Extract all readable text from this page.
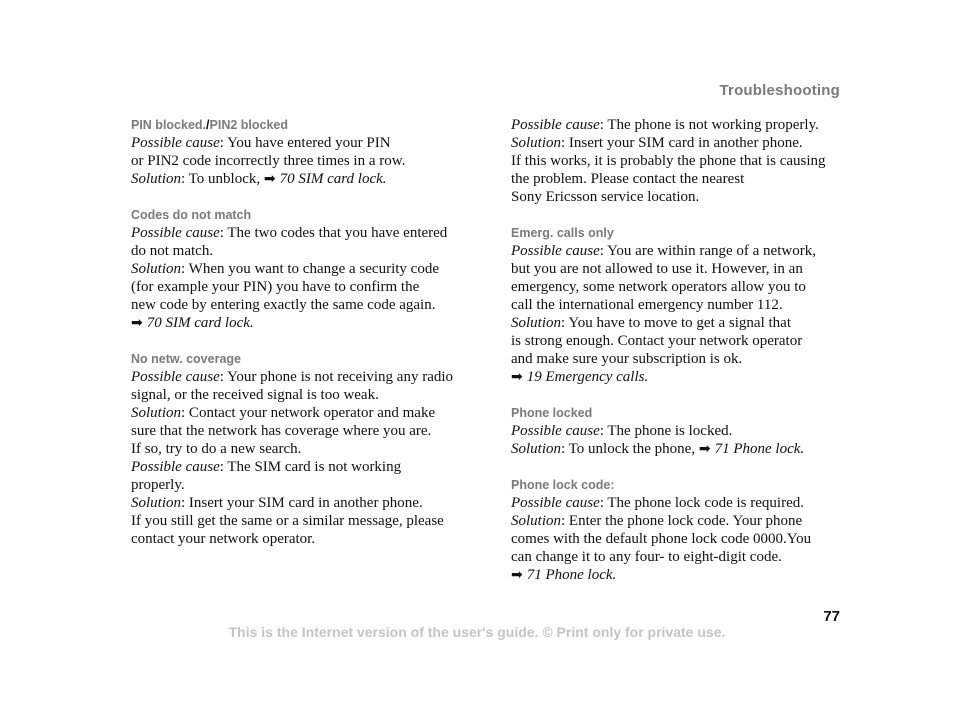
Troubleshooting
PIN blocked./PIN2 blocked
Possible cause: You have entered your PIN
or PIN2 code incorrectly three times in a row.
Solution: To unblock, ➡ 70 SIM card lock.
Codes do not match
Possible cause: The two codes that you have entered
do not match.
Solution: When you want to change a security code
(for example your PIN) you have to confirm the
new code by entering exactly the same code again.
➡ 70 SIM card lock.
No netw. coverage
Possible cause: Your phone is not receiving any radio
signal, or the received signal is too weak.
Solution: Contact your network operator and make
sure that the network has coverage where you are.
If so, try to do a new search.
Possible cause: The SIM card is not working
properly.
Solution: Insert your SIM card in another phone.
If you still get the same or a similar message, please
contact your network operator.
Possible cause: The phone is not working properly.
Solution: Insert your SIM card in another phone.
If this works, it is probably the phone that is causing
the problem. Please contact the nearest
Sony Ericsson service location.
Emerg. calls only
Possible cause: You are within range of a network,
but you are not allowed to use it. However, in an
emergency, some network operators allow you to
call the international emergency number 112.
Solution: You have to move to get a signal that
is strong enough. Contact your network operator
and make sure your subscription is ok.
➡ 19 Emergency calls.
Phone locked
Possible cause: The phone is locked.
Solution: To unlock the phone, ➡ 71 Phone lock.
Phone lock code:
Possible cause: The phone lock code is required.
Solution: Enter the phone lock code. Your phone
comes with the default phone lock code 0000.You
can change it to any four- to eight-digit code.
➡ 71 Phone lock.
77
This is the Internet version of the user's guide. © Print only for private use.
